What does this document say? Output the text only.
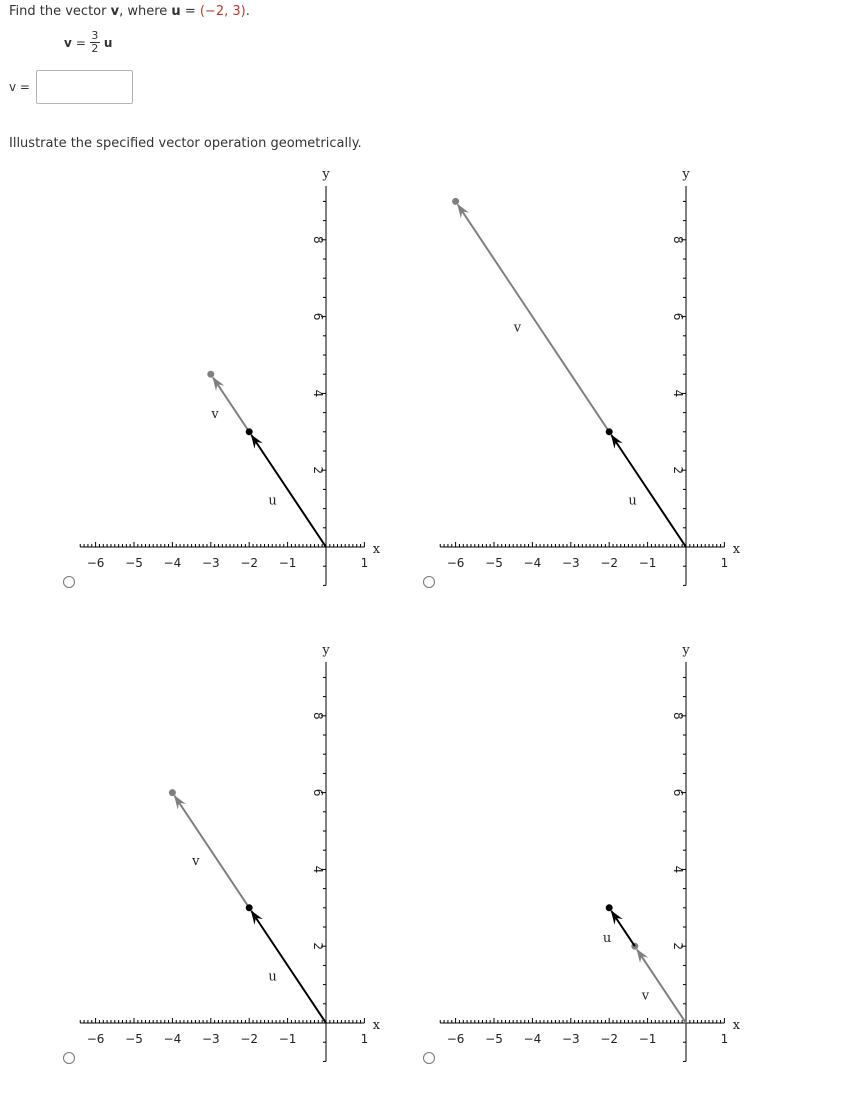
Find the vector v, where u = (−2, 3).
$v = \frac{3}{2}$ u
v =
Illustrate the specified vector operation geometrically.
−6 −5 −4 −3 −2 −1	1
2
4
6
8
x
y
v
u
−6 −5 −4 −3 −2 −1	1
2
4
6
8
x
y
v
u
−6 −5 −4 −3 −2 −1	1
2
4
6
8
x
y
v
u
−6 −5 −4 −3 −2 −1	1
2
4
6
8
x
y
v
u
